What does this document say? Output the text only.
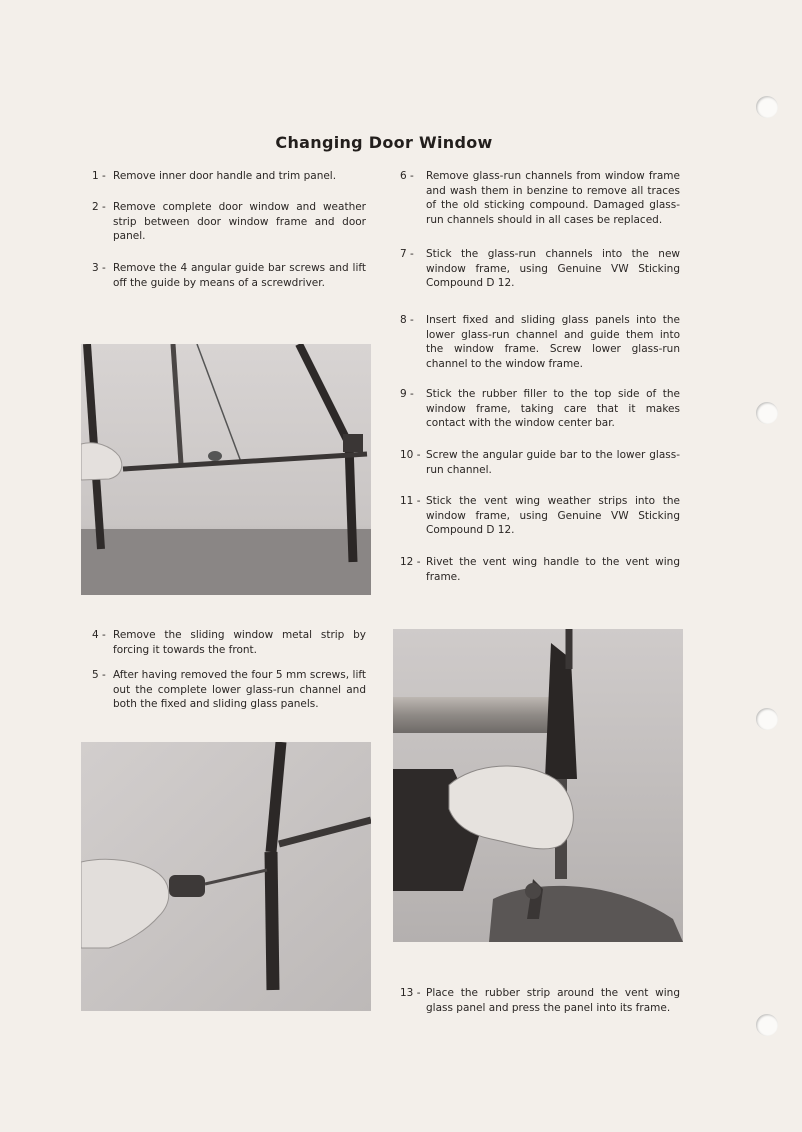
Changing Door Window
1 - Remove inner door handle and trim panel.
2 - Remove complete door window and weather strip between door window frame and door panel.
3 - Remove the 4 angular guide bar screws and lift off the guide by means of a screwdriver.
4 - Remove the sliding window metal strip by forcing it towards the front.
5 - After having removed the four 5 mm screws, lift out the complete lower glass-run channel and both the fixed and sliding glass panels.
6 - Remove glass-run channels from window frame and wash them in benzine to remove all traces of the old sticking compound. Damaged glass-run channels should in all cases be replaced.
7 - Stick the glass-run channels into the new window frame, using Genuine VW Sticking Compound D 12.
8 - Insert fixed and sliding glass panels into the lower glass-run channel and guide them into the window frame. Screw lower glass-run channel to the window frame.
9 - Stick the rubber filler to the top side of the window frame, taking care that it makes contact with the window center bar.
10 - Screw the angular guide bar to the lower glass-run channel.
11 - Stick the vent wing weather strips into the window frame, using Genuine VW Sticking Compound D 12.
12 - Rivet the vent wing handle to the vent wing frame.
13 - Place the rubber strip around the vent wing glass panel and press the panel into its frame.
